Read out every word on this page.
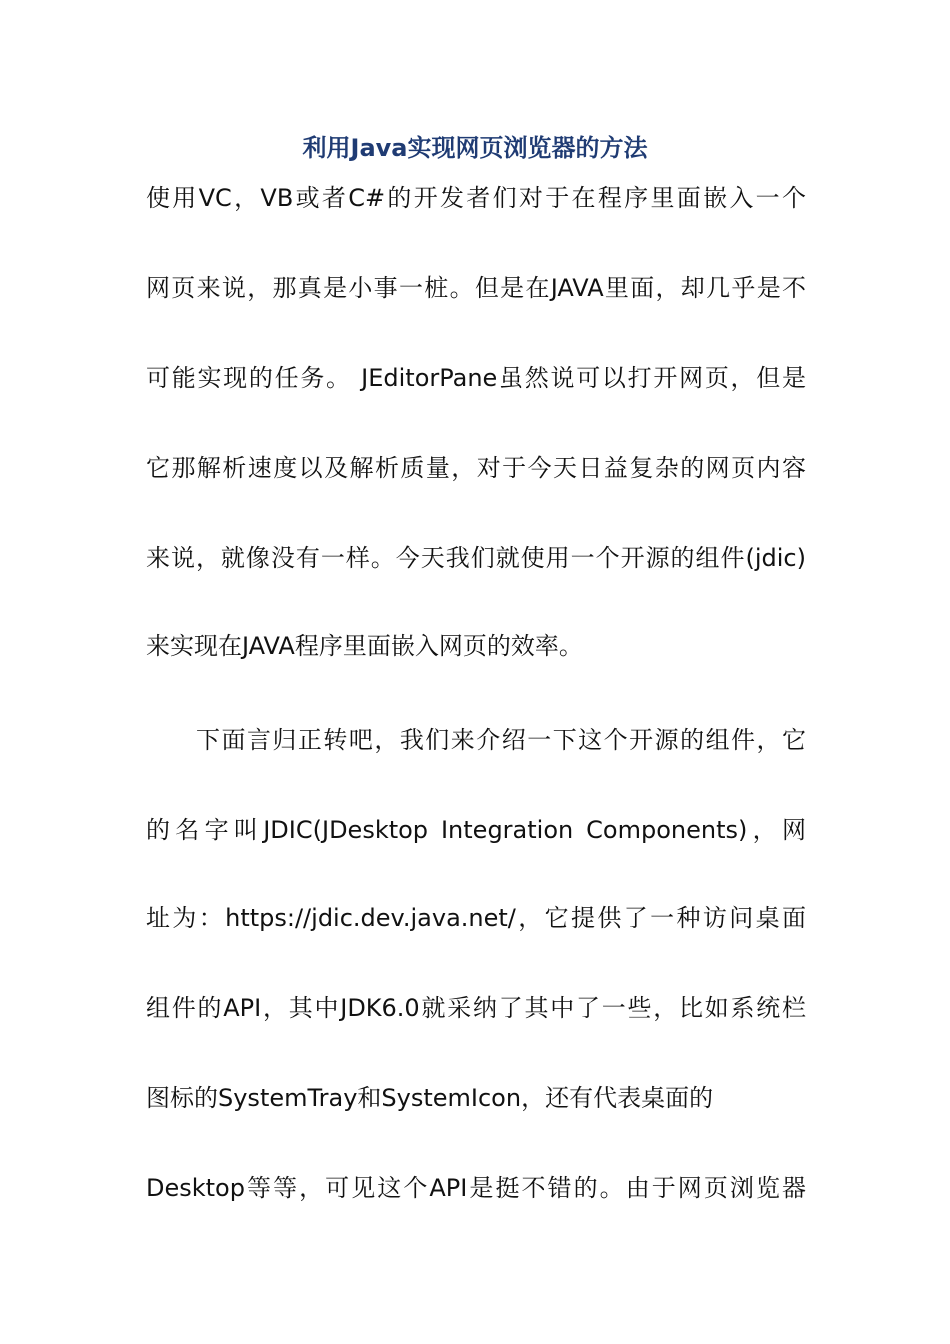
利用Java实现网页浏览器的方法
使用VC，VB或者C#的开发者们对于在程序里面嵌入一个
网页来说，那真是小事一桩。但是在JAVA里面，却几乎是不
可能实现的任务。 JEditorPane虽然说可以打开网页，但是
它那解析速度以及解析质量，对于今天日益复杂的网页内容
来说，就像没有一样。今天我们就使用一个开源的组件(jdic)
来实现在JAVA程序里面嵌入网页的效率。
下面言归正转吧，我们来介绍一下这个开源的组件，它
的名字叫JDIC(JDesktop Integration Components)，网
址为：https://jdic.dev.java.net/，它提供了一种访问桌面
组件的API，其中JDK6.0就采纳了其中了一些，比如系统栏
图标的SystemTray和SystemIcon，还有代表桌面的
Desktop等等，可见这个API是挺不错的。由于网页浏览器
